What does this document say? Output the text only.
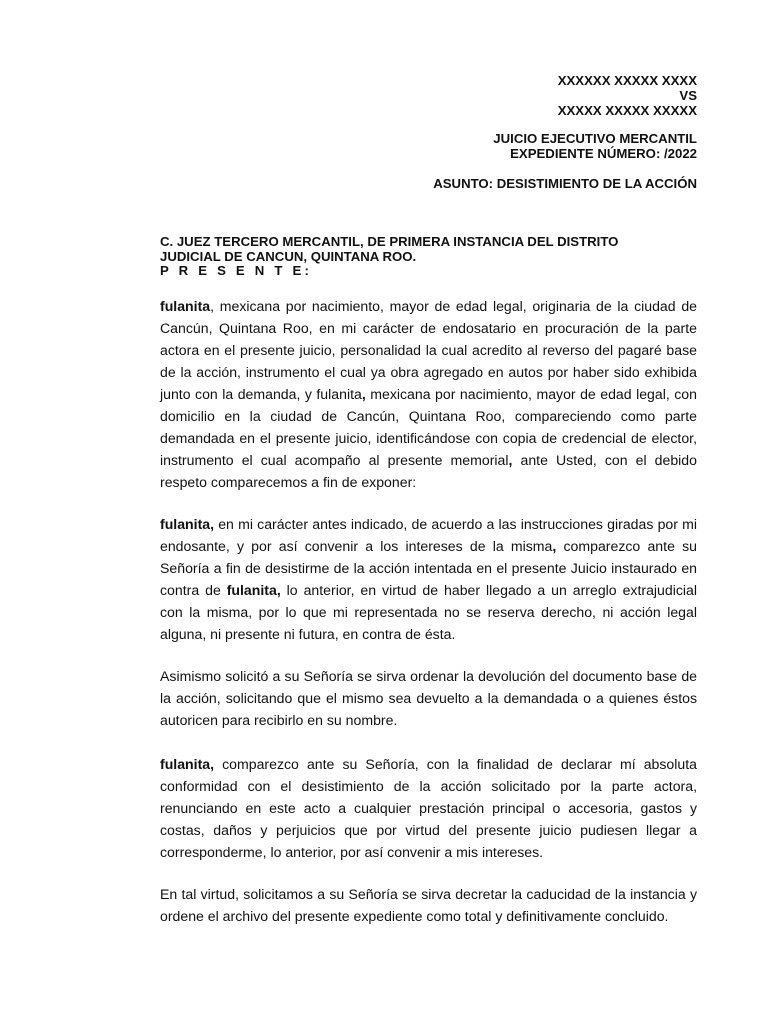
XXXXXX XXXXX XXXX
VS
XXXXX XXXXX XXXXX
JUICIO EJECUTIVO MERCANTIL
EXPEDIENTE NÚMERO: /2022
ASUNTO: DESISTIMIENTO DE LA ACCIÓN
C. JUEZ TERCERO MERCANTIL, DE PRIMERA INSTANCIA DEL DISTRITO
JUDICIAL DE CANCUN, QUINTANA ROO.
P R E S E N T E:

fulanita, mexicana por nacimiento, mayor de edad legal, originaria de la ciudad de Cancún, Quintana Roo, en mi carácter de endosatario en procuración de la parte actora en el presente juicio, personalidad la cual acredito al reverso del pagaré base de la acción, instrumento el cual ya obra agregado en autos por haber sido exhibida junto con la demanda, y fulanita, mexicana por nacimiento, mayor de edad legal, con domicilio en la ciudad de Cancún, Quintana Roo, compareciendo como parte demandada en el presente juicio, identificándose con copia de credencial de elector, instrumento el cual acompaño al presente memorial, ante Usted, con el debido respeto comparecemos a fin de exponer:

fulanita, en mi carácter antes indicado, de acuerdo a las instrucciones giradas por mi endosante, y por así convenir a los intereses de la misma, comparezco ante su Señoría a fin de desistirme de la acción intentada en el presente Juicio instaurado en contra de fulanita, lo anterior, en virtud de haber llegado a un arreglo extrajudicial con la misma, por lo que mi representada no se reserva derecho, ni acción legal alguna, ni presente ni futura, en contra de ésta.

Asimismo solicitó a su Señoría se sirva ordenar la devolución del documento base de la acción, solicitando que el mismo sea devuelto a la demandada o a quienes éstos autoricen para recibirlo en su nombre.

fulanita, comparezco ante su Señoría, con la finalidad de declarar mí absoluta conformidad con el desistimiento de la acción solicitado por la parte actora, renunciando en este acto a cualquier prestación principal o accesoria, gastos y costas, daños y perjuicios que por virtud del presente juicio pudiesen llegar a corresponderme, lo anterior, por así convenir a mis intereses.

En tal virtud, solicitamos a su Señoría se sirva decretar la caducidad de la instancia y ordene el archivo del presente expediente como total y definitivamente concluido.
